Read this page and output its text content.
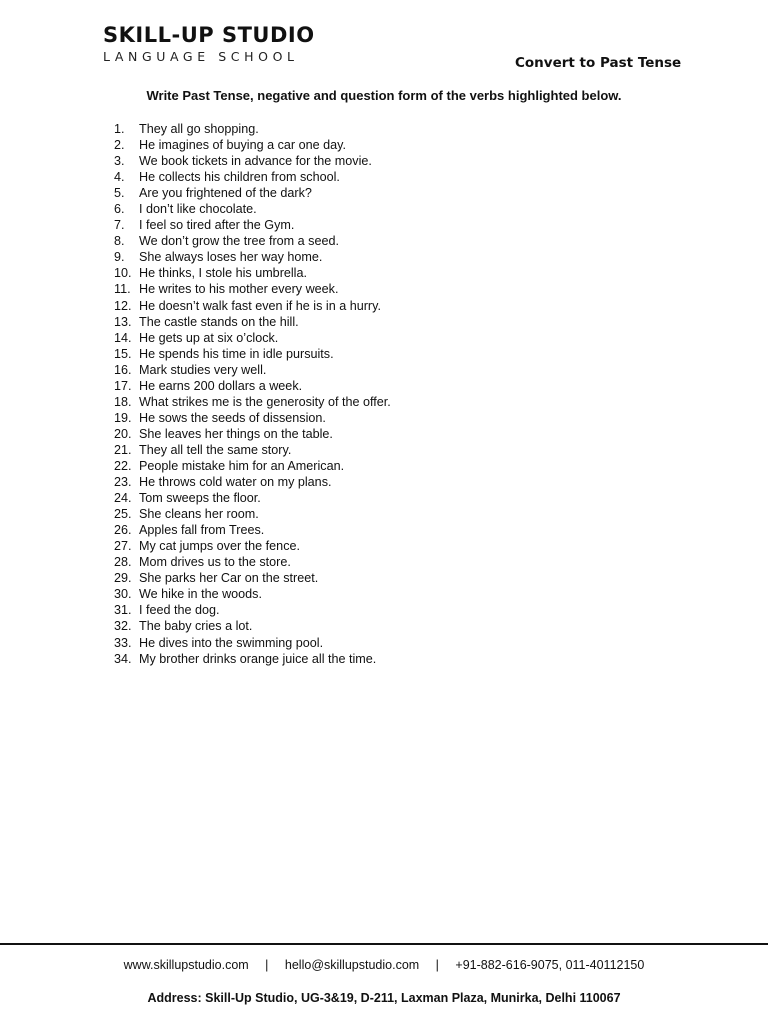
SKILL-UP STUDIO
LANGUAGE SCHOOL	Convert to Past Tense
Write Past Tense, negative and question form of the verbs highlighted below.
1. They all go shopping.
2. He imagines of buying a car one day.
3. We book tickets in advance for the movie.
4. He collects his children from school.
5. Are you frightened of the dark?
6. I don’t like chocolate.
7. I feel so tired after the Gym.
8. We don’t grow the tree from a seed.
9. She always loses her way home.
10. He thinks, I stole his umbrella.
11. He writes to his mother every week.
12. He doesn’t walk fast even if he is in a hurry.
13. The castle stands on the hill.
14. He gets up at six o’clock.
15. He spends his time in idle pursuits.
16. Mark studies very well.
17. He earns 200 dollars a week.
18. What strikes me is the generosity of the offer.
19. He sows the seeds of dissension.
20. She leaves her things on the table.
21. They all tell the same story.
22. People mistake him for an American.
23. He throws cold water on my plans.
24. Tom sweeps the floor.
25. She cleans her room.
26. Apples fall from Trees.
27. My cat jumps over the fence.
28. Mom drives us to the store.
29. She parks her Car on the street.
30. We hike in the woods.
31. I feed the dog.
32. The baby cries a lot.
33. He dives into the swimming pool.
34. My brother drinks orange juice all the time.
www.skillupstudio.com | hello@skillupstudio.com | +91-882-616-9075, 011-40112150
Address: Skill-Up Studio, UG-3&19, D-211, Laxman Plaza, Munirka, Delhi 110067
